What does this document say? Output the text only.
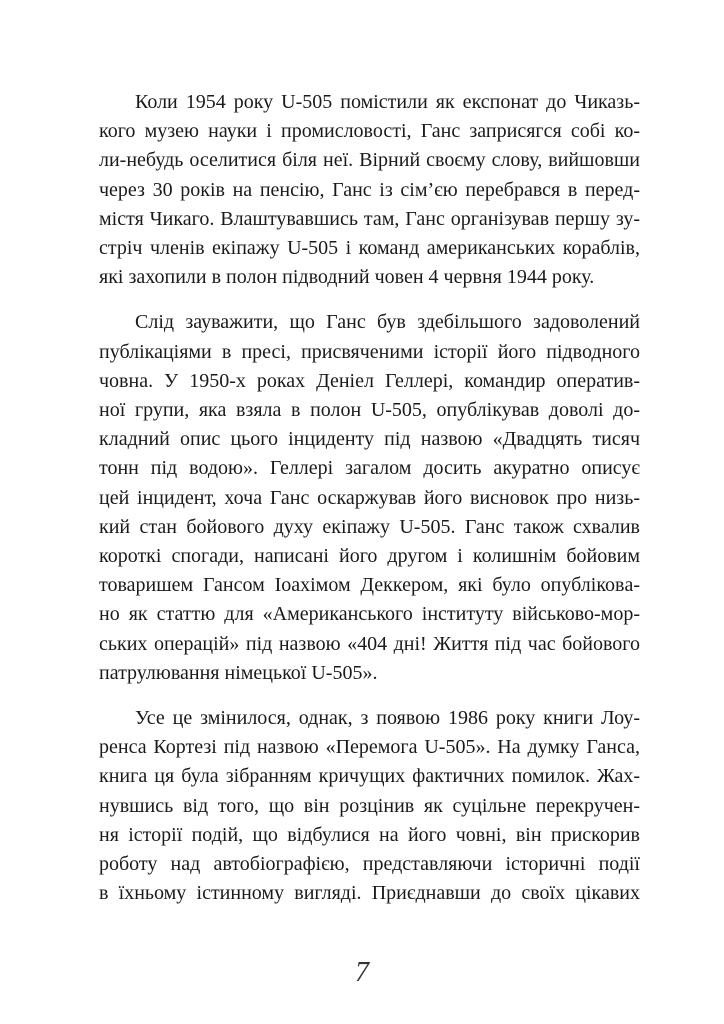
Коли 1954 року U-505 помістили як експонат до Чиказь-
кого музею науки і промисловості, Ганс заприсягся собі ко-
ли-небудь оселитися біля неї. Вірний своєму слову, вийшовши
через 30 років на пенсію, Ганс із сім’єю перебрався в перед-
містя Чикаго. Влаштувавшись там, Ганс організував першу зу-
стріч членів екіпажу U-505 і команд американських кораблів,
які захопили в полон підводний човен 4 червня 1944 року.

Слід зауважити, що Ганс був здебільшого задоволений
публікаціями в пресі, присвяченими історії його підводного
човна. У 1950-х роках Деніел Геллері, командир оператив-
ної групи, яка взяла в полон U-505, опублікував доволі до-
кладний опис цього інциденту під назвою «Двадцять тисяч
тонн під водою». Геллері загалом досить акуратно описує
цей інцидент, хоча Ганс оскаржував його висновок про низь-
кий стан бойового духу екіпажу U-505. Ганс також схвалив
короткі спогади, написані його другом і колишнім бойовим
товаришем Гансом Іоахімом Деккером, які було опубліковa-
но як статтю для «Американського інституту військово-мор-
ських операцій» під назвою «404 дні! Життя під час бойового
патрулювання німецької U-505».

Усе це змінилося, однак, з появою 1986 року книги Лоу-
ренса Кортезі під назвою «Перемога U-505». На думку Ганса,
книга ця була зібранням кричущих фактичних помилок. Жах-
нувшись від того, що він розцінив як суцільне перекручен-
ня історії подій, що відбулися на його човні, він прискорив
роботу над автобіографією, представляючи історичні події
в їхньому істинному вигляді. Приєднавши до своїх цікавих

7
